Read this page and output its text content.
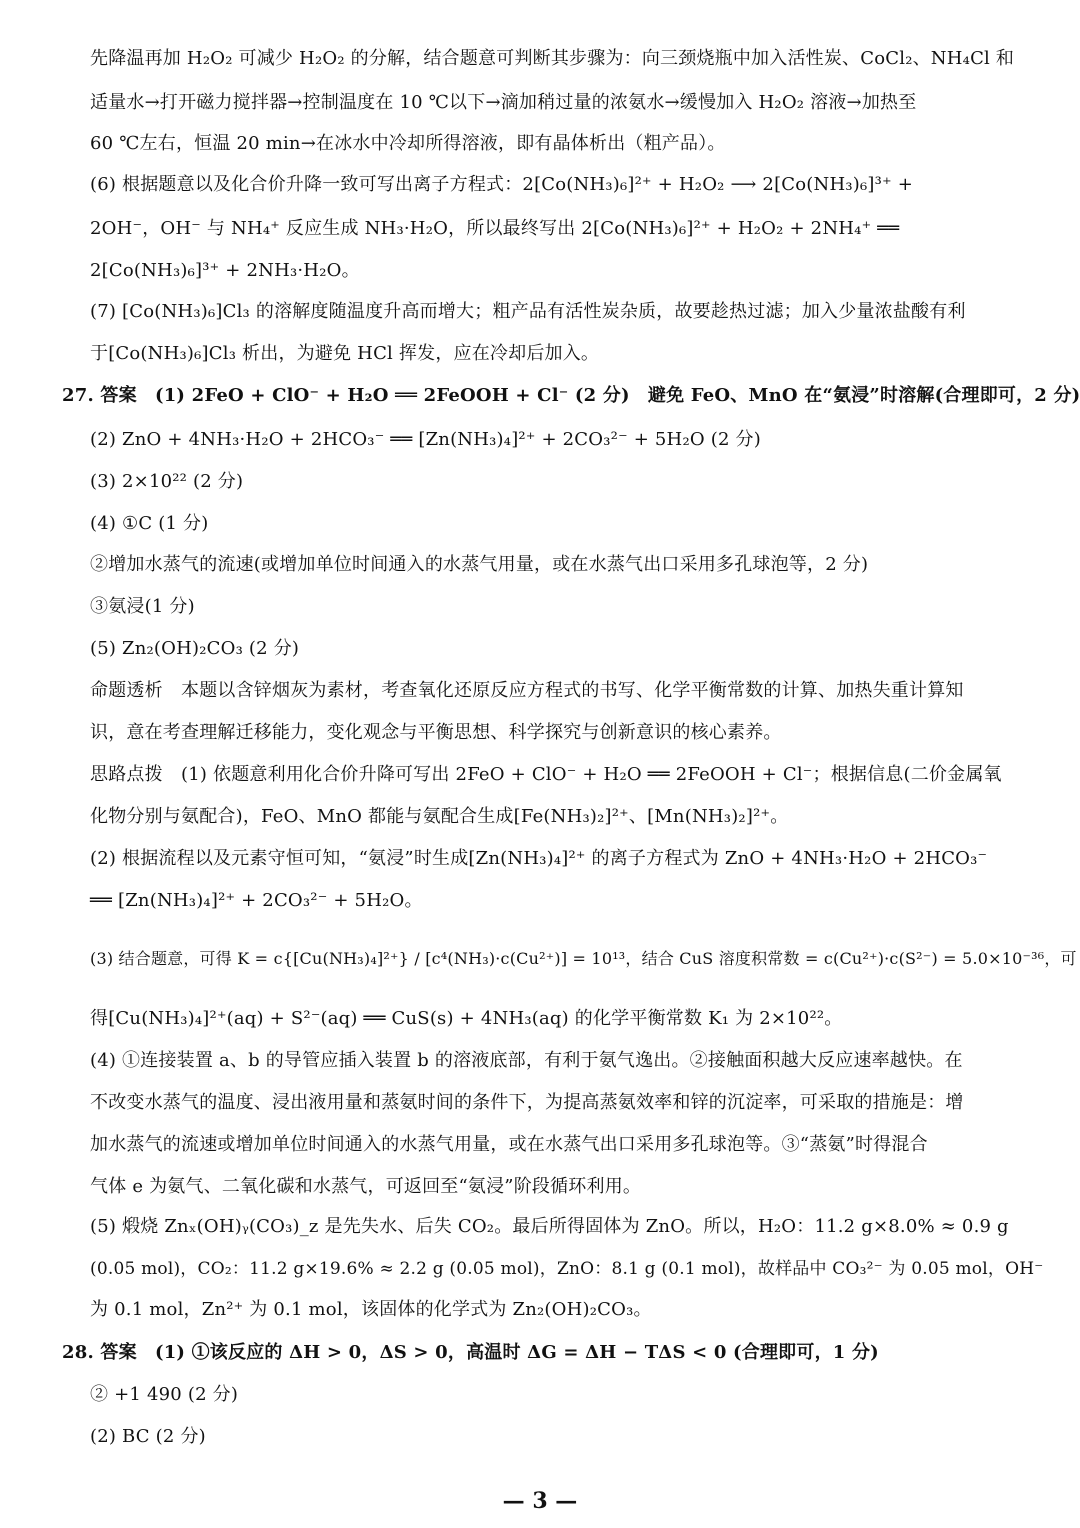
先降温再加 H₂O₂ 可减少 H₂O₂ 的分解，结合题意可判断其步骤为：向三颈烧瓶中加入活性炭、CoCl₂、NH₄Cl 和
适量水→打开磁力搅拌器→控制温度在 10 ℃以下→滴加稍过量的浓氨水→缓慢加入 H₂O₂ 溶液→加热至
60 ℃左右，恒温 20 min→在冰水中冷却所得溶液，即有晶体析出（粗产品）。
(6) 根据题意以及化合价升降一致可写出离子方程式：2[Co(NH₃)₆]²⁺ + H₂O₂ ⟶ 2[Co(NH₃)₆]³⁺ +
2OH⁻，OH⁻ 与 NH₄⁺ 反应生成 NH₃·H₂O，所以最终写出 2[Co(NH₃)₆]²⁺ + H₂O₂ + 2NH₄⁺ ══
2[Co(NH₃)₆]³⁺ + 2NH₃·H₂O。
(7) [Co(NH₃)₆]Cl₃ 的溶解度随温度升高而增大；粗产品有活性炭杂质，故要趁热过滤；加入少量浓盐酸有利
于[Co(NH₃)₆]Cl₃ 析出，为避免 HCl 挥发，应在冷却后加入。
27. 答案　(1) 2FeO + ClO⁻ + H₂O ══ 2FeOOH + Cl⁻ (2 分)　避免 FeO、MnO 在“氨浸”时溶解(合理即可，2 分)
(2) ZnO + 4NH₃·H₂O + 2HCO₃⁻ ══ [Zn(NH₃)₄]²⁺ + 2CO₃²⁻ + 5H₂O (2 分)
(3) 2×10²² (2 分)
(4) ①C (1 分)
②增加水蒸气的流速(或增加单位时间通入的水蒸气用量，或在水蒸气出口采用多孔球泡等，2 分)
③氨浸(1 分)
(5) Zn₂(OH)₂CO₃ (2 分)
命题透析　本题以含锌烟灰为素材，考查氧化还原反应方程式的书写、化学平衡常数的计算、加热失重计算知
识，意在考查理解迁移能力，变化观念与平衡思想、科学探究与创新意识的核心素养。
思路点拨　(1) 依题意利用化合价升降可写出 2FeO + ClO⁻ + H₂O ══ 2FeOOH + Cl⁻；根据信息(二价金属氧
化物分别与氨配合)，FeO、MnO 都能与氨配合生成[Fe(NH₃)₂]²⁺、[Mn(NH₃)₂]²⁺。
(2) 根据流程以及元素守恒可知，“氨浸”时生成[Zn(NH₃)₄]²⁺ 的离子方程式为 ZnO + 4NH₃·H₂O + 2HCO₃⁻
══ [Zn(NH₃)₄]²⁺ + 2CO₃²⁻ + 5H₂O。
(3) 结合题意，可得 K = c{[Cu(NH₃)₄]²⁺} / [c⁴(NH₃)·c(Cu²⁺)] = 10¹³，结合 CuS 溶度积常数 = c(Cu²⁺)·c(S²⁻) = 5.0×10⁻³⁶，可
得[Cu(NH₃)₄]²⁺(aq) + S²⁻(aq) ══ CuS(s) + 4NH₃(aq) 的化学平衡常数 K₁ 为 2×10²²。
(4) ①连接装置 a、b 的导管应插入装置 b 的溶液底部，有利于氨气逸出。②接触面积越大反应速率越快。在
不改变水蒸气的温度、浸出液用量和蒸氨时间的条件下，为提高蒸氨效率和锌的沉淀率，可采取的措施是：增
加水蒸气的流速或增加单位时间通入的水蒸气用量，或在水蒸气出口采用多孔球泡等。③“蒸氨”时得混合
气体 e 为氨气、二氧化碳和水蒸气，可返回至“氨浸”阶段循环利用。
(5) 煅烧 Znₓ(OH)ᵧ(CO₃)_z 是先失水、后失 CO₂。最后所得固体为 ZnO。所以，H₂O：11.2 g×8.0% ≈ 0.9 g
(0.05 mol)，CO₂：11.2 g×19.6% ≈ 2.2 g (0.05 mol)，ZnO：8.1 g (0.1 mol)，故样品中 CO₃²⁻ 为 0.05 mol，OH⁻
为 0.1 mol，Zn²⁺ 为 0.1 mol，该固体的化学式为 Zn₂(OH)₂CO₃。
28. 答案　(1) ①该反应的 ΔH > 0，ΔS > 0，高温时 ΔG = ΔH − TΔS < 0 (合理即可，1 分)
② +1 490 (2 分)
(2) BC (2 分)
— 3 —
